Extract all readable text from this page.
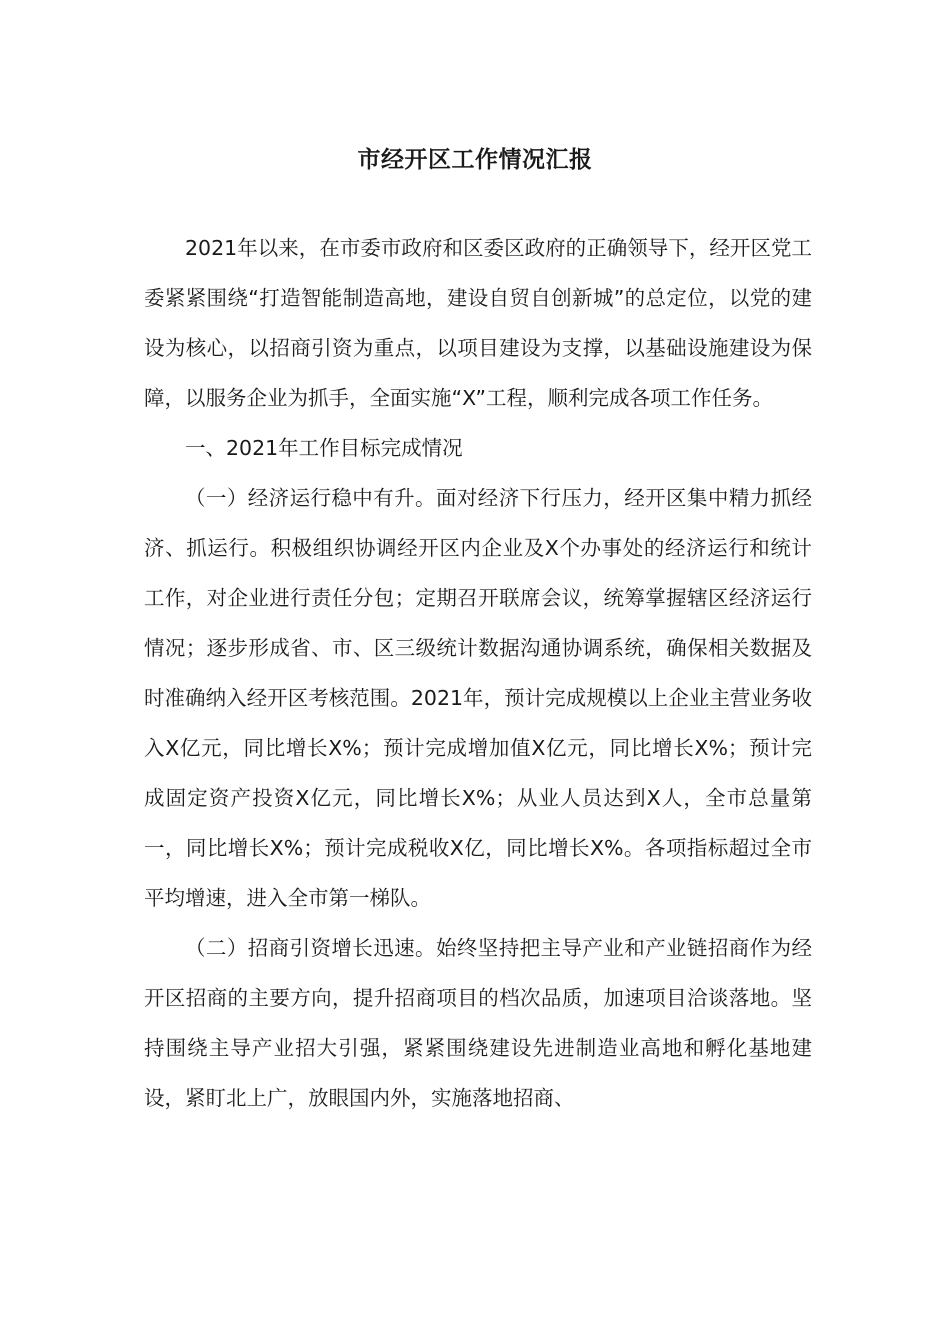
市经开区工作情况汇报

2021年以来，在市委市政府和区委区政府的正确领导下，经开区党工委紧紧围绕“打造智能制造高地，建设自贸自创新城”的总定位，以党的建设为核心，以招商引资为重点，以项目建设为支撑，以基础设施建设为保障，以服务企业为抓手，全面实施“X”工程，顺利完成各项工作任务。

一、2021年工作目标完成情况

（一）经济运行稳中有升。面对经济下行压力，经开区集中精力抓经济、抓运行。积极组织协调经开区内企业及X个办事处的经济运行和统计工作，对企业进行责任分包；定期召开联席会议，统筹掌握辖区经济运行情况；逐步形成省、市、区三级统计数据沟通协调系统，确保相关数据及时准确纳入经开区考核范围。2021年，预计完成规模以上企业主营业务收入X亿元，同比增长X%；预计完成增加值X亿元，同比增长X%；预计完成固定资产投资X亿元，同比增长X%；从业人员达到X人，全市总量第一，同比增长X%；预计完成税收X亿，同比增长X%。各项指标超过全市平均增速，进入全市第一梯队。

（二）招商引资增长迅速。始终坚持把主导产业和产业链招商作为经开区招商的主要方向，提升招商项目的档次品质，加速项目洽谈落地。坚持围绕主导产业招大引强，紧紧围绕建设先进制造业高地和孵化基地建设，紧盯北上广，放眼国内外，实施落地招商、
